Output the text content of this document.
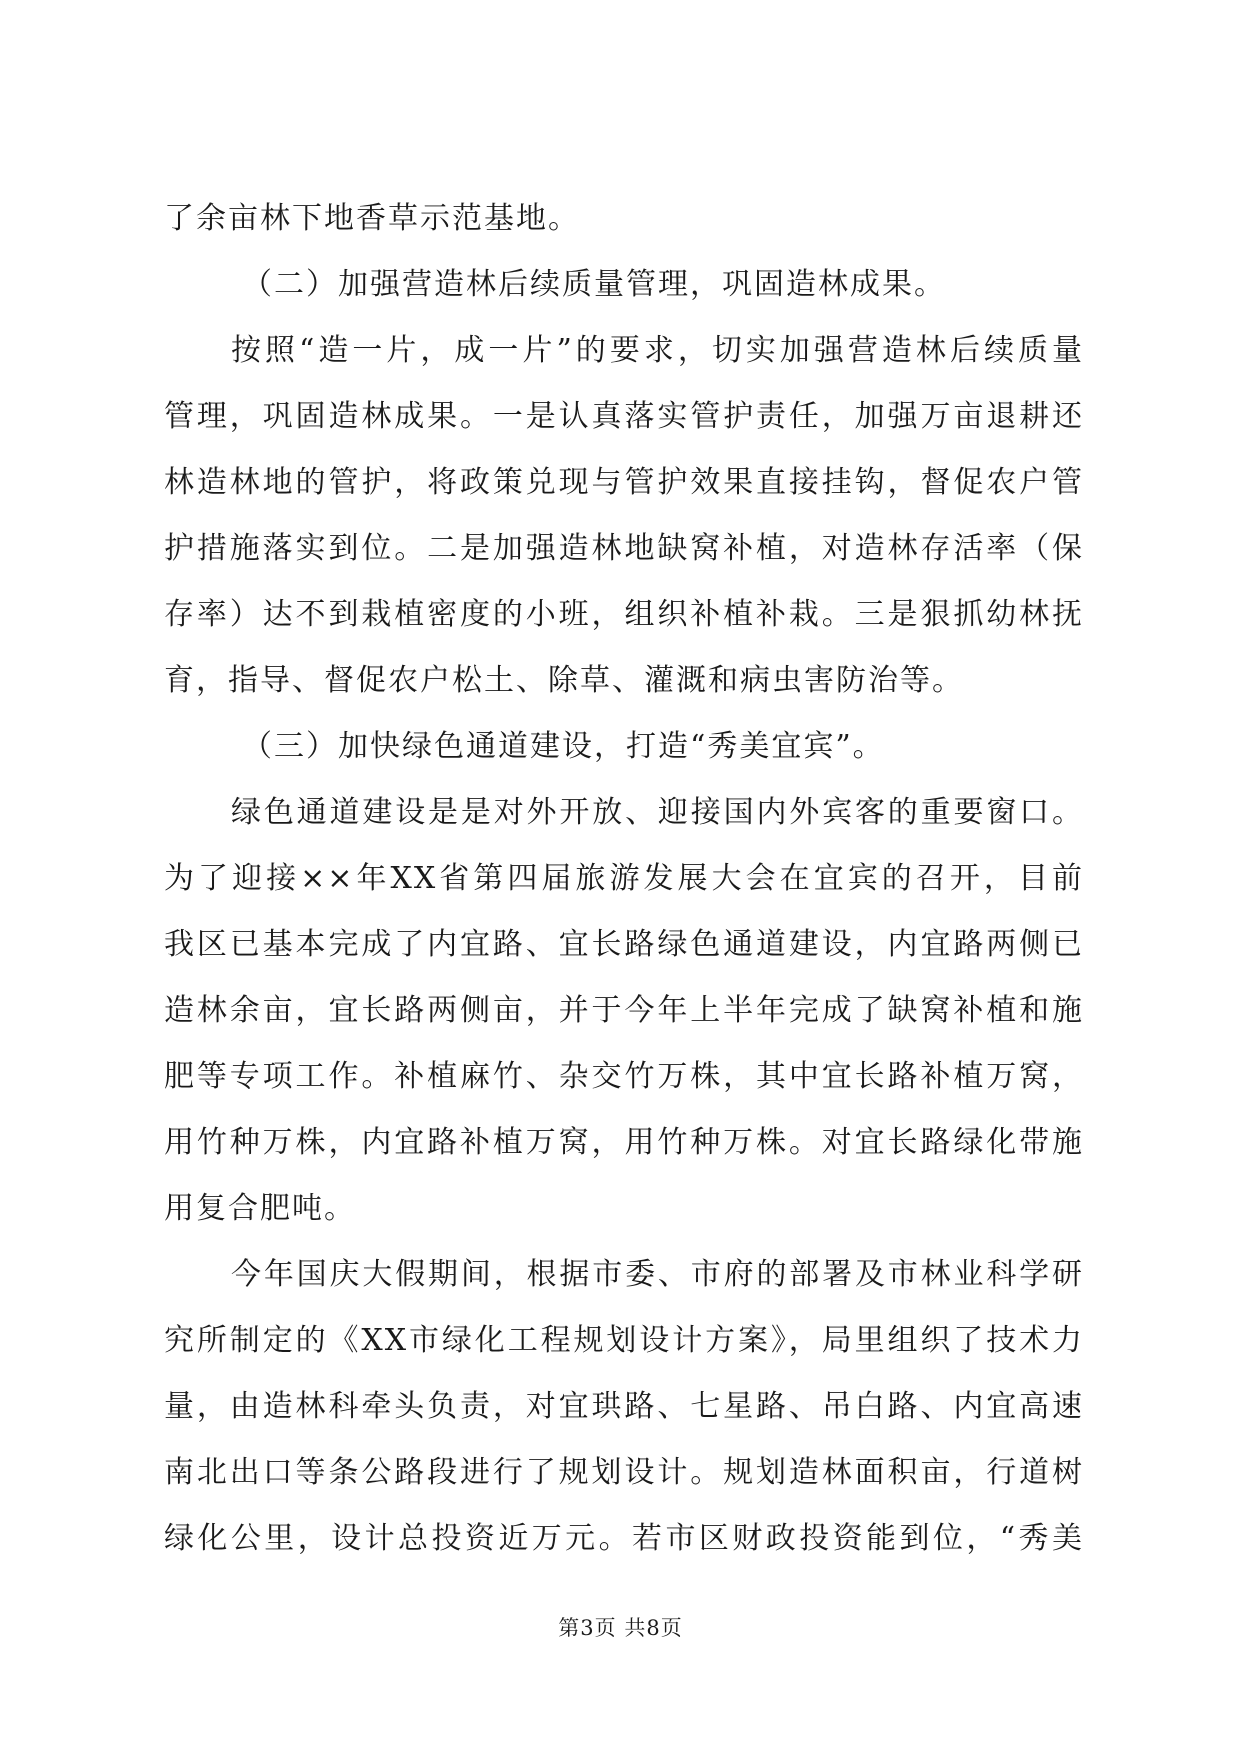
了余亩林下地香草示范基地。
（二）加强营造林后续质量管理，巩固造林成果。
按照“造一片，成一片”的要求，切实加强营造林后续质量
管理，巩固造林成果。一是认真落实管护责任，加强万亩退耕还
林造林地的管护，将政策兑现与管护效果直接挂钩，督促农户管
护措施落实到位。二是加强造林地缺窝补植，对造林存活率（保
存率）达不到栽植密度的小班，组织补植补栽。三是狠抓幼林抚
育，指导、督促农户松土、除草、灌溉和病虫害防治等。
（三）加快绿色通道建设，打造“秀美宜宾”。
绿色通道建设是是对外开放、迎接国内外宾客的重要窗口。
为了迎接××年XX省第四届旅游发展大会在宜宾的召开，目前
我区已基本完成了内宜路、宜长路绿色通道建设，内宜路两侧已
造林余亩，宜长路两侧亩，并于今年上半年完成了缺窝补植和施
肥等专项工作。补植麻竹、杂交竹万株，其中宜长路补植万窝，
用竹种万株，内宜路补植万窝，用竹种万株。对宜长路绿化带施
用复合肥吨。
今年国庆大假期间，根据市委、市府的部署及市林业科学研
究所制定的《XX市绿化工程规划设计方案》，局里组织了技术力
量，由造林科牵头负责，对宜珙路、七星路、吊白路、内宜高速
南北出口等条公路段进行了规划设计。规划造林面积亩，行道树
绿化公里，设计总投资近万元。若市区财政投资能到位，“秀美
第3页 共8页
